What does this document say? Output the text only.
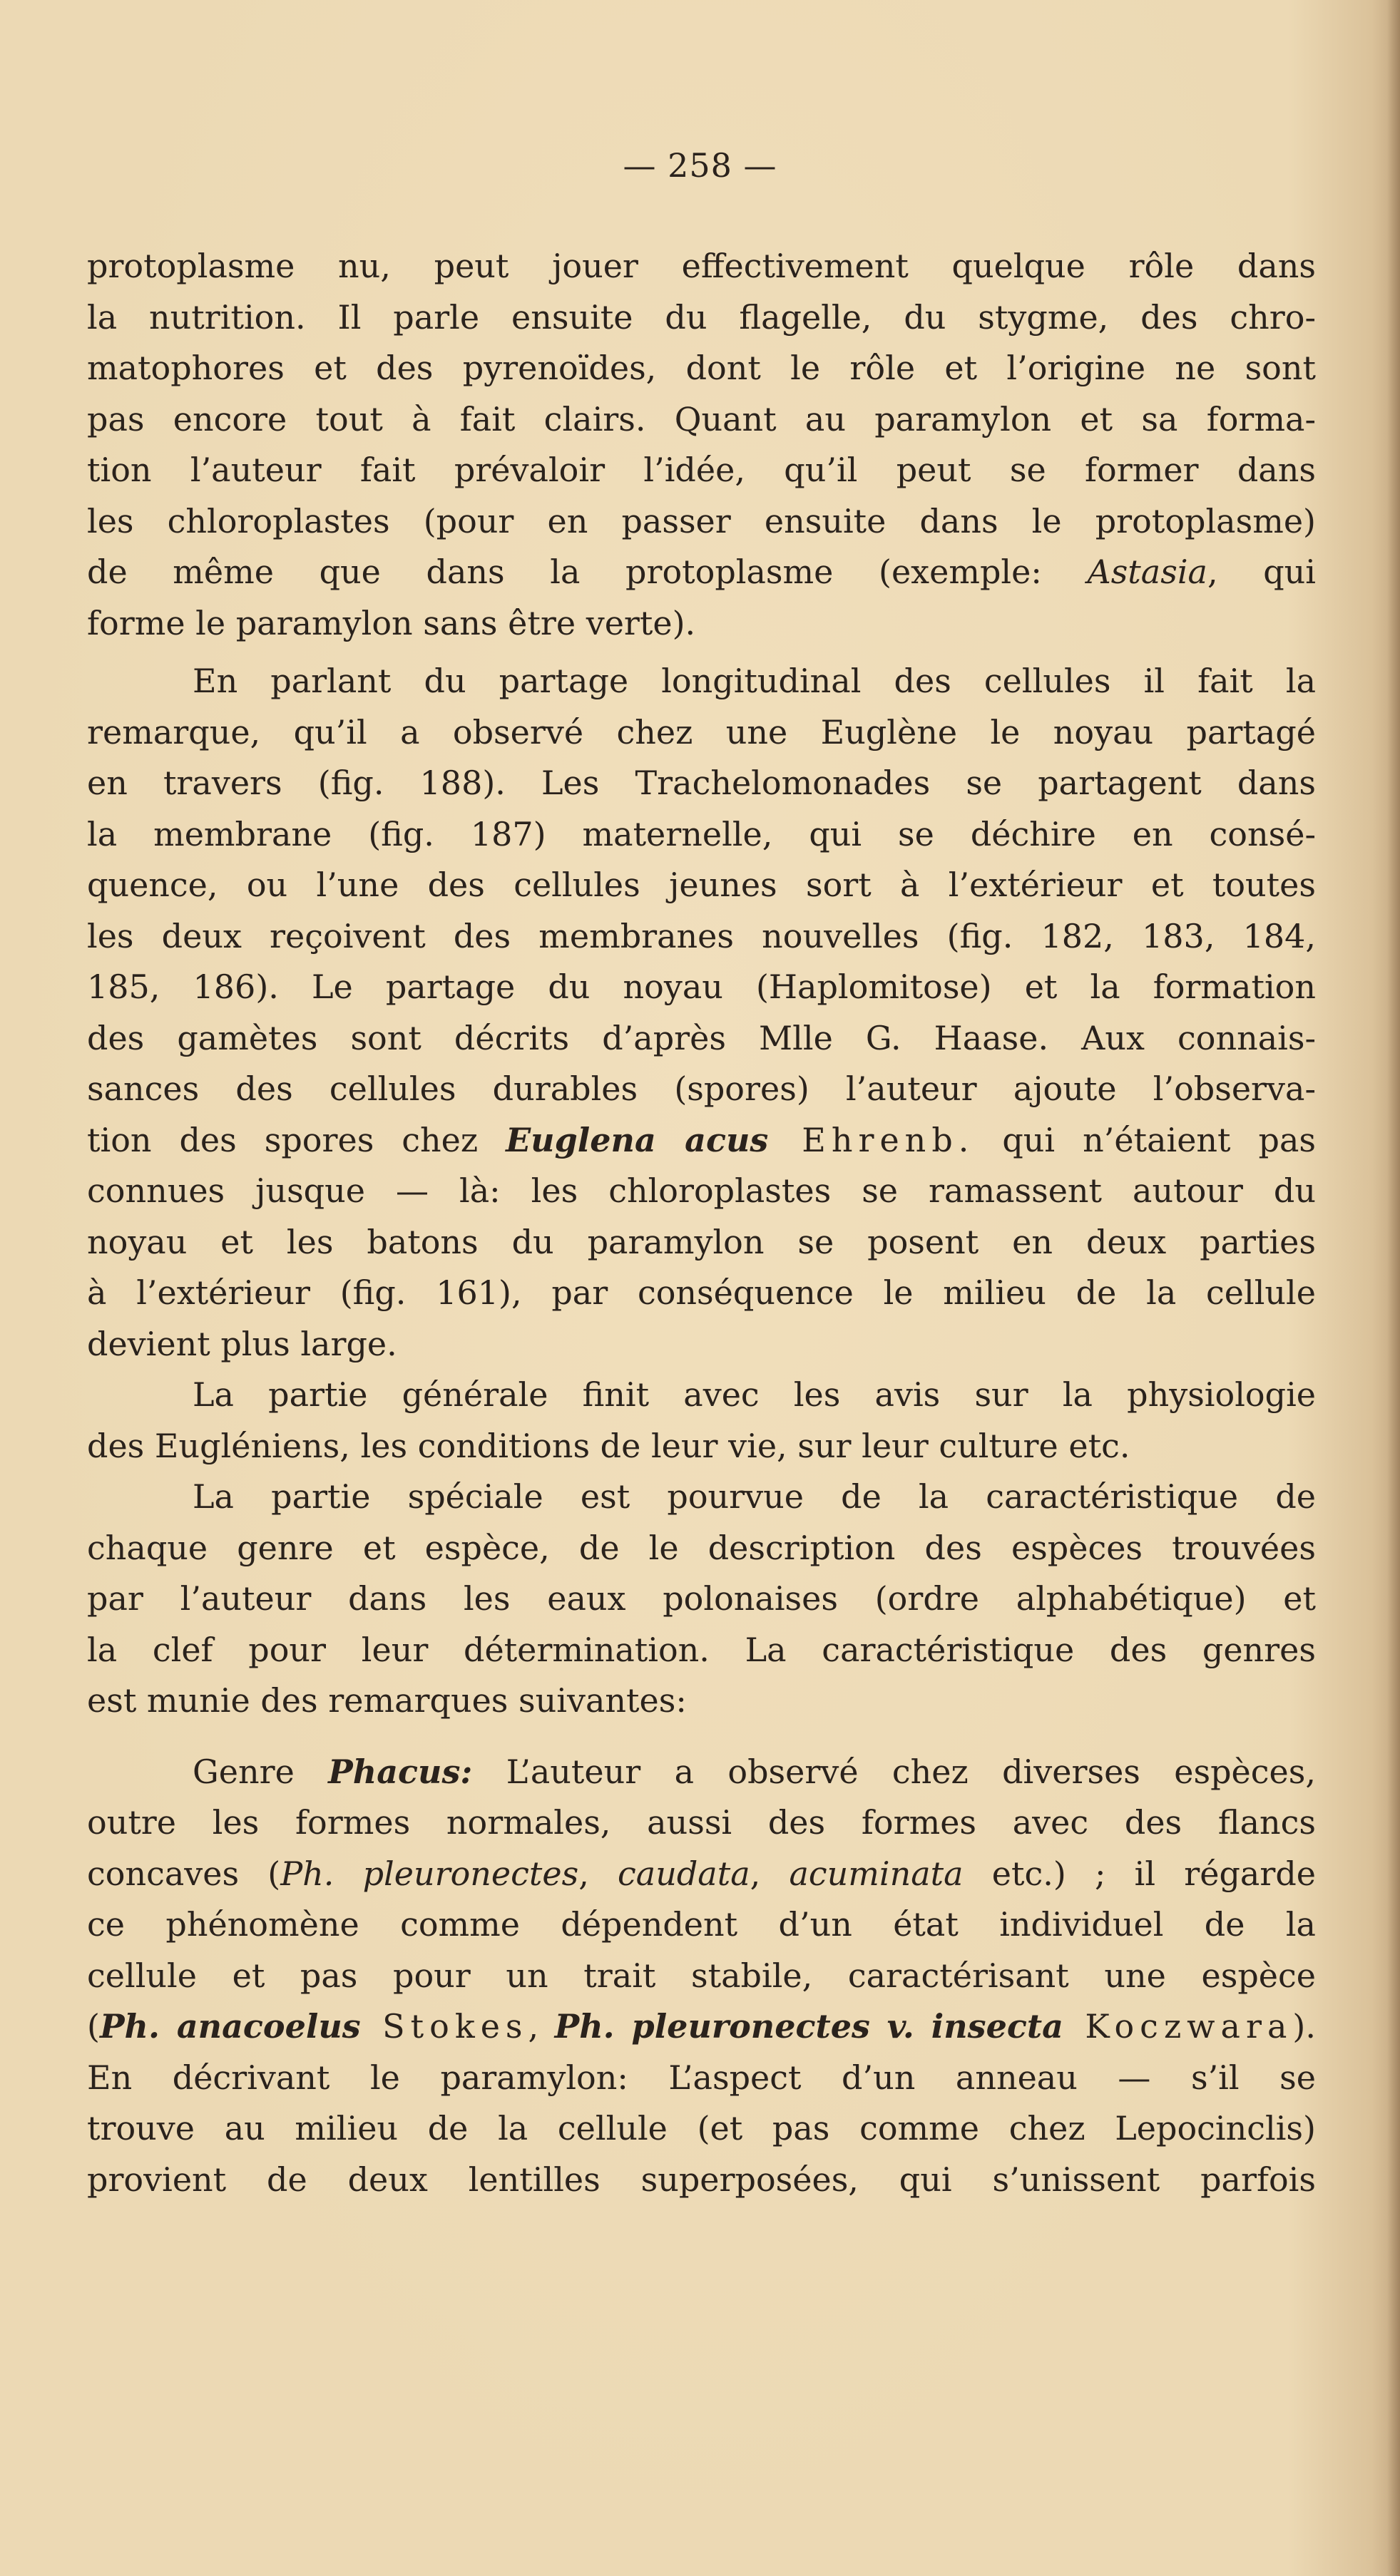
— 258 —
protoplasme nu, peut jouer effectivement quelque rôle dans
la nutrition. Il parle ensuite du flagelle, du stygme, des chro-
matophores et des pyrenoïdes, dont le rôle et l’origine ne sont
pas encore tout à fait clairs. Quant au paramylon et sa forma-
tion l’auteur fait prévaloir l’idée, qu’il peut se former dans
les chloroplastes (pour en passer ensuite dans le protoplasme)
de même que dans la protoplasme (exemple: Astasia, qui
forme le paramylon sans être verte).
En parlant du partage longitudinal des cellules il fait la
remarque, qu’il a observé chez une Euglène le noyau partagé
en travers (fig. 188). Les Trachelomonades se partagent dans
la membrane (fig. 187) maternelle, qui se déchire en consé-
quence, ou l’une des cellules jeunes sort à l’extérieur et toutes
les deux reçoivent des membranes nouvelles (fig. 182, 183, 184,
185, 186). Le partage du noyau (Haplomitose) et la formation
des gamètes sont décrits d’après Mlle G. Haase. Aux connais-
sances des cellules durables (spores) l’auteur ajoute l’observa-
tion des spores chez Euglena acus Ehrenb. qui n’étaient pas
connues jusque — là: les chloroplastes se ramassent autour du
noyau et les batons du paramylon se posent en deux parties
à l’extérieur (fig. 161), par conséquence le milieu de la cellule
devient plus large.
La partie générale finit avec les avis sur la physiologie
des Eugléniens, les conditions de leur vie, sur leur culture etc.
La partie spéciale est pourvue de la caractéristique de
chaque genre et espèce, de le description des espèces trouvées
par l’auteur dans les eaux polonaises (ordre alphabétique) et
la clef pour leur détermination. La caractéristique des genres
est munie des remarques suivantes:
Genre Phacus: L’auteur a observé chez diverses espèces,
outre les formes normales, aussi des formes avec des flancs
concaves (Ph. pleuronectes, caudata, acuminata etc.) ; il régarde
ce phénomène comme dépendent d’un état individuel de la
cellule et pas pour un trait stabile, caractérisant une espèce
(Ph. anacoelus Stokes, Ph. pleuronectes v. insecta Koczwara).
En décrivant le paramylon: L’aspect d’un anneau — s’il se
trouve au milieu de la cellule (et pas comme chez Lepocinclis)
provient de deux lentilles superposées, qui s’unissent parfois
